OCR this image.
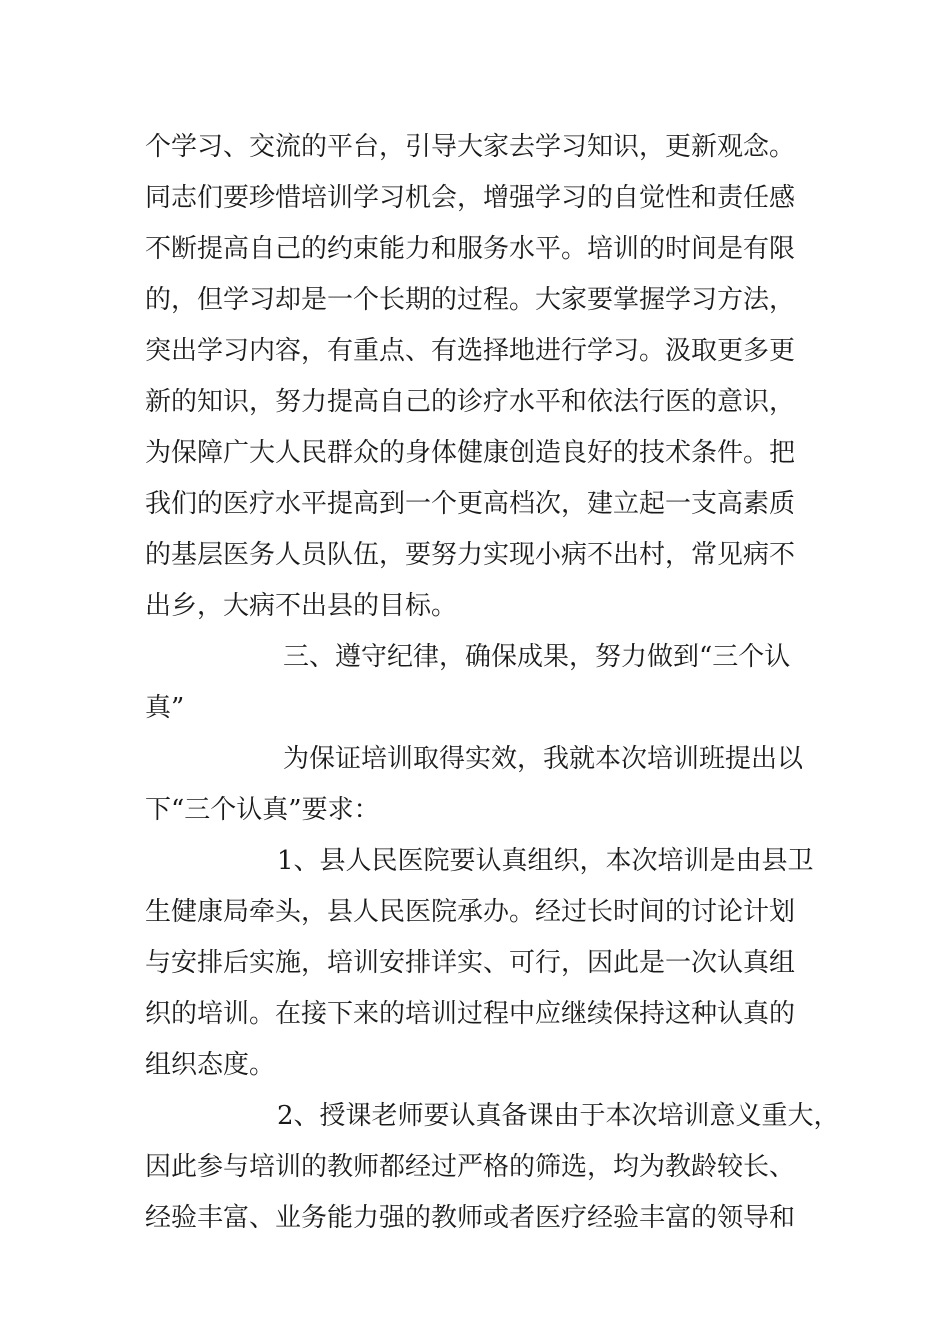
个学习、交流的平台，引导大家去学习知识，更新观念。
同志们要珍惜培训学习机会，增强学习的自觉性和责任感
不断提高自己的约束能力和服务水平。培训的时间是有限
的，但学习却是一个长期的过程。大家要掌握学习方法，
突出学习内容，有重点、有选择地进行学习。汲取更多更
新的知识，努力提高自己的诊疗水平和依法行医的意识，
为保障广大人民群众的身体健康创造良好的技术条件。把
我们的医疗水平提高到一个更高档次，建立起一支高素质
的基层医务人员队伍，要努力实现小病不出村，常见病不
出乡，大病不出县的目标。
三、遵守纪律，确保成果，努力做到“三个认
真”
为保证培训取得实效，我就本次培训班提出以
下“三个认真”要求：
1、县人民医院要认真组织，本次培训是由县卫
生健康局牵头，县人民医院承办。经过长时间的讨论计划
与安排后实施，培训安排详实、可行，因此是一次认真组
织的培训。在接下来的培训过程中应继续保持这种认真的
组织态度。
2、授课老师要认真备课由于本次培训意义重大，
因此参与培训的教师都经过严格的筛选，均为教龄较长、
经验丰富、业务能力强的教师或者医疗经验丰富的领导和
